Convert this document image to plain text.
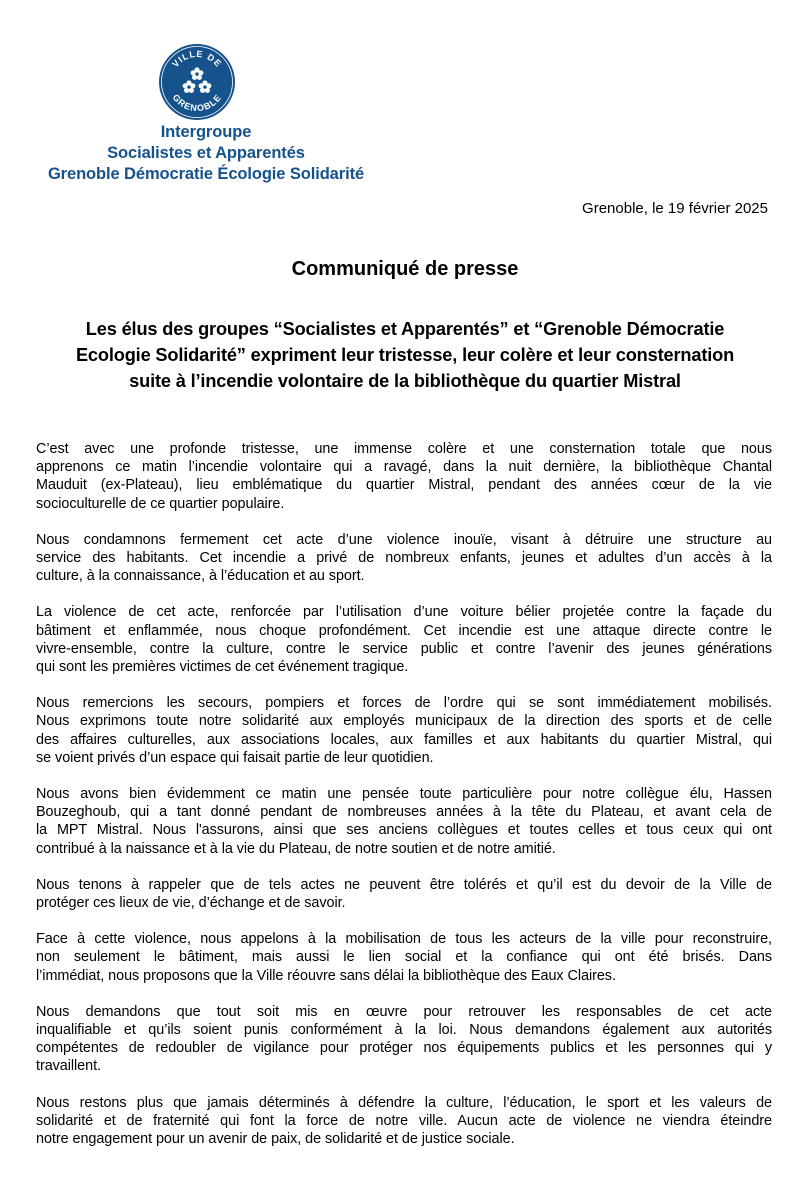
VILLE DE
GRENOBLE
Intergroupe
Socialistes et Apparentés
Grenoble Démocratie Écologie Solidarité
Grenoble, le 19 février 2025
Communiqué de presse
Les élus des groupes “Socialistes et Apparentés” et “Grenoble Démocratie
Ecologie Solidarité” expriment leur tristesse, leur colère et leur consternation
suite à l’incendie volontaire de la bibliothèque du quartier Mistral
C’est avec une profonde tristesse, une immense colère et une consternation totale que nous
apprenons ce matin l’incendie volontaire qui a ravagé, dans la nuit dernière, la bibliothèque Chantal
Mauduit (ex-Plateau), lieu emblématique du quartier Mistral, pendant des années cœur de la vie
socioculturelle de ce quartier populaire.
Nous condamnons fermement cet acte d’une violence inouïe, visant à détruire une structure au
service des habitants. Cet incendie a privé de nombreux enfants, jeunes et adultes d’un accès à la
culture, à la connaissance, à l’éducation et au sport.
La violence de cet acte, renforcée par l’utilisation d’une voiture bélier projetée contre la façade du
bâtiment et enflammée, nous choque profondément. Cet incendie est une attaque directe contre le
vivre-ensemble, contre la culture, contre le service public et contre l’avenir des jeunes générations
qui sont les premières victimes de cet événement tragique.
Nous remercions les secours, pompiers et forces de l’ordre qui se sont immédiatement mobilisés.
Nous exprimons toute notre solidarité aux employés municipaux de la direction des sports et de celle
des affaires culturelles, aux associations locales, aux familles et aux habitants du quartier Mistral, qui
se voient privés d’un espace qui faisait partie de leur quotidien.
Nous avons bien évidemment ce matin une pensée toute particulière pour notre collègue élu, Hassen
Bouzeghoub, qui a tant donné pendant de nombreuses années à la tête du Plateau, et avant cela de
la MPT Mistral. Nous l'assurons, ainsi que ses anciens collègues et toutes celles et tous ceux qui ont
contribué à la naissance et à la vie du Plateau, de notre soutien et de notre amitié.
Nous tenons à rappeler que de tels actes ne peuvent être tolérés et qu’il est du devoir de la Ville de
protéger ces lieux de vie, d’échange et de savoir.
Face à cette violence, nous appelons à la mobilisation de tous les acteurs de la ville pour reconstruire,
non seulement le bâtiment, mais aussi le lien social et la confiance qui ont été brisés. Dans
l’immédiat, nous proposons que la Ville réouvre sans délai la bibliothèque des Eaux Claires.
Nous demandons que tout soit mis en œuvre pour retrouver les responsables de cet acte
inqualifiable et qu’ils soient punis conformément à la loi. Nous demandons également aux autorités
compétentes de redoubler de vigilance pour protéger nos équipements publics et les personnes qui y
travaillent.
Nous restons plus que jamais déterminés à défendre la culture, l’éducation, le sport et les valeurs de
solidarité et de fraternité qui font la force de notre ville. Aucun acte de violence ne viendra éteindre
notre engagement pour un avenir de paix, de solidarité et de justice sociale.
